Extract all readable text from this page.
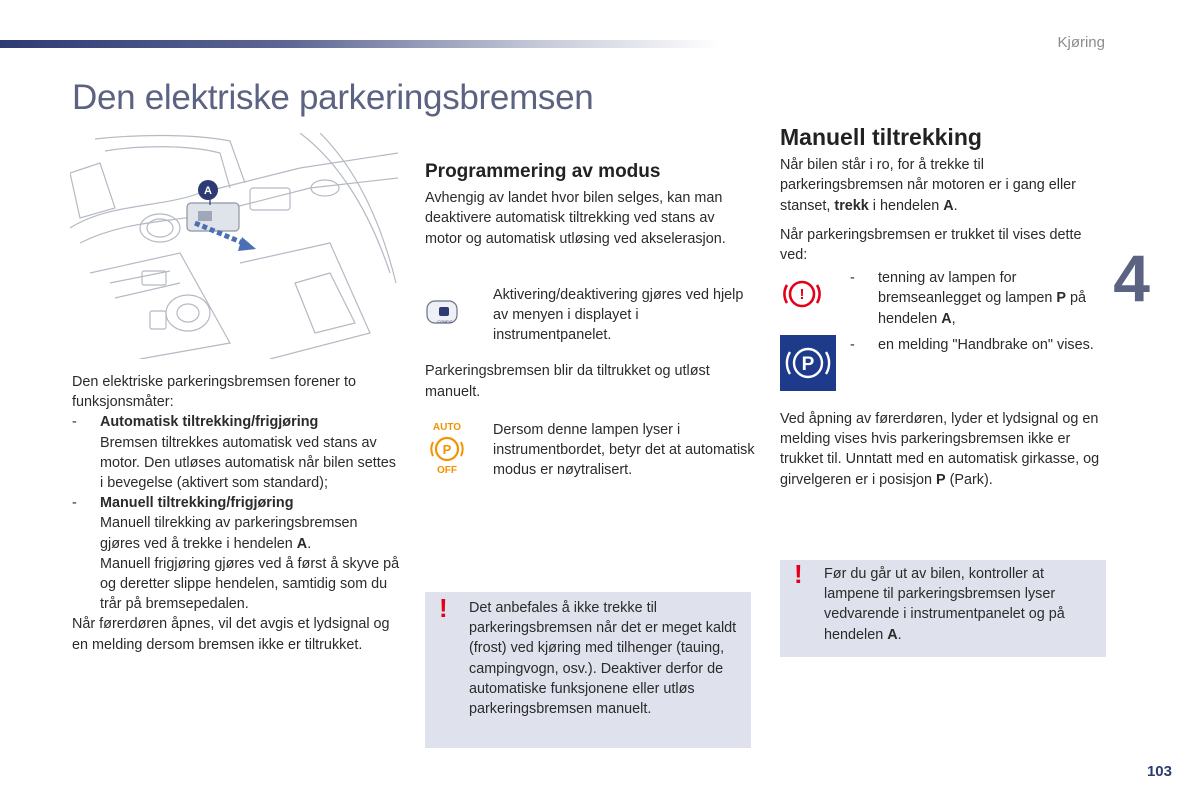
Kjøring
Den elektriske parkeringsbremsen
4
103
A

Den elektriske parkeringsbremsen forener to funksjonsmåter:

- Automatisk tiltrekking/frigjøring
Bremsen tiltrekkes automatisk ved stans av motor. Den utløses automatisk når bilen settes i bevegelse (aktivert som standard);
- Manuell tiltrekking/frigjøring
Manuell tilrekking av parkeringsbremsen gjøres ved å trekke i hendelen A.
Manuell frigjøring gjøres ved å først å skyve på og deretter slippe hendelen, samtidig som du trår på bremsepedalen.

Når førerdøren åpnes, vil det avgis et lydsignal og en melding dersom bremsen ikke er tiltrukket.

Programmering av modus

Avhengig av landet hvor bilen selges, kan man deaktivere automatisk tiltrekking ved stans av motor og automatisk utløsing ved akselerasjon.

CONFIG
Aktivering/deaktivering gjøres ved hjelp av menyen i displayet i instrumentpanelet.

Parkeringsbremsen blir da tiltrukket og utløst manuelt.

AUTO
P
OFF
Dersom denne lampen lyser i instrumentbordet, betyr det at automatisk modus er nøytralisert.
! Det anbefales å ikke trekke til parkeringsbremsen når det er meget kaldt (frost) ved kjøring med tilhenger (tauing, campingvogn, osv.). Deaktiver derfor de automatiske funksjonene eller utløs parkeringsbremsen manuelt.
Manuell tiltrekking

Når bilen står i ro, for å trekke til parkeringsbremsen når motoren er i gang eller stanset, trekk i hendelen A.

Når parkeringsbremsen er trukket til vises dette ved:

!
- tenning av lampen for bremseanlegget og lampen P på hendelen A,
P
- en melding "Handbrake on" vises.

Ved åpning av førerdøren, lyder et lydsignal og en melding vises hvis parkeringsbremsen ikke er trukket til. Unntatt med en automatisk girkasse, og girvelgeren er i posisjon P (Park).

! Før du går ut av bilen, kontroller at lampene til parkeringsbremsen lyser vedvarende i instrumentpanelet og på hendelen A.
